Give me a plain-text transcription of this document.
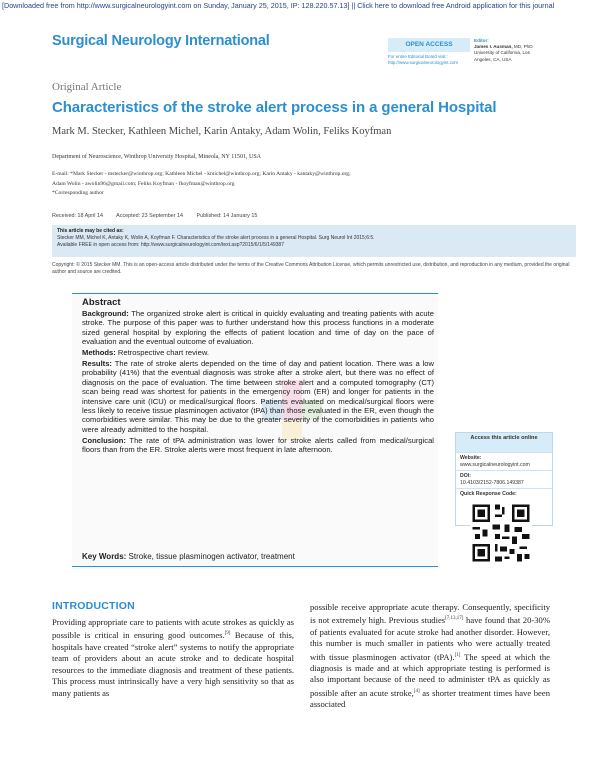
[Downloaded free from http://www.surgicalneurologyint.com on Sunday, January 25, 2015, IP: 128.220.57.13] || Click here to download free Android application for this journal
Surgical Neurology International	OPEN ACCESS
For entire Editorial Board visit :
http://www.surgicalneurologyint.com
Editor:
James I. Ausman, MD, PhD
University of California, Los
Angeles, CA, USA
Original Article
Characteristics of the stroke alert process in a general Hospital
Mark M. Stecker, Kathleen Michel, Karin Antaky, Adam Wolin, Feliks Koyfman
Department of Neuroscience, Winthrop University Hospital, Mineola, NY 11501, USA
E-mail: *Mark Stecker - mstecker@winthrop.org; Kathleen Michel - kmichel@winthrop.org; Karin Antaky - kantaky@winthrop.org;
Adam Wolin - awolin96@gmail.com; Feliks Koyfman - fkoyfman@winthrop.org
*Corresponding author
Received: 18 April 14 Accepted: 23 September 14	Published: 14 January 15
This article may be cited as:
Stecker MM, Michel K, Antaky K, Wolin A, Koyfman F. Characteristics of the stroke alert process in a general Hospital. Surg Neurol Int 2015;6:5.
Available FREE in open access from: http://www.surgicalneurologyint.com/text.asp?2015/6/1/5/149387
Copyright: © 2015 Stecker MM. This is an open-access article distributed under the terms of the Creative Commons Attribution License, which permits unrestricted use, distribution, and reproduction in any medium, provided the original author and source are credited.
Abstract

Background: The organized stroke alert is critical in quickly evaluating and treating patients with acute stroke. The purpose of this paper was to further understand how this process functions in a moderate sized general hospital by exploring the effects of patient location and time of day on the pace of evaluation and the eventual outcome of evaluation.

Methods: Retrospective chart review.

Results: The rate of stroke alerts depended on the time of day and patient location. There was a low probability (41%) that the eventual diagnosis was stroke after a stroke alert, but there was no effect of diagnosis on the pace of evaluation. The time between stroke alert and a computed tomography (CT) scan being read was shortest for patients in the emergency room (ER) and longer for patients in the intensive care unit (ICU) or medical/surgical floors. Patients evaluated on medical/surgical floors were less likely to receive tissue plasminogen activator (tPA) than those evaluated in the ER, even though the comorbidities were similar. This may be due to the greater severity of the comorbidities in patients who were already admitted to the hospital.

Conclusion: The rate of tPA administration was lower for stroke alerts called from medical/surgical floors than from the ER. Stroke alerts were most frequent in late afternoon.

Key Words: Stroke, tissue plasminogen activator, treatment
Access this article online
Website:
www.surgicalneurologyint.com
DOI:
10.4103/2152-7806.149387
Quick Response Code:
INTRODUCTION
Providing appropriate care to patients with acute strokes as quickly as possible is critical in ensuring good outcomes.[9] Because of this, hospitals have created “stroke alert” systems to notify the appropriate team of providers about an acute stroke and to dedicate hospital resources to the immediate diagnosis and treatment of these patients. This process must intrinsically have a very high sensitivity so that as many patients as
possible receive appropriate acute therapy. Consequently, specificity is not extremely high. Previous studies[7,13,17] have found that 20-30% of patients evaluated for acute stroke had another disorder. However, this number is much smaller in patients who were actually treated with tissue plasminogen activator (tPA).[1] The speed at which the diagnosis is made and at which appropriate testing is performed is also important because of the need to administer tPA as quickly as possible after an acute stroke,[4] as shorter treatment times have been associated
